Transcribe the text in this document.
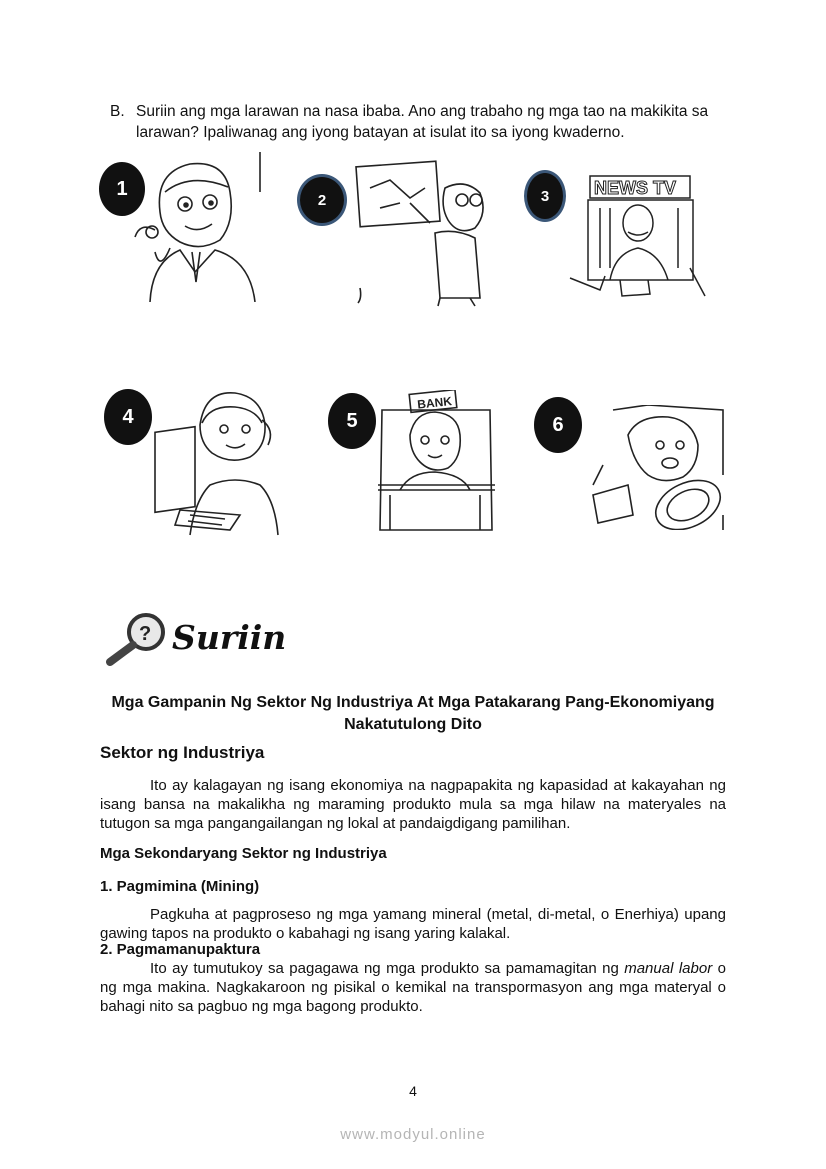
B. Suriin ang mga larawan na nasa ibaba. Ano ang trabaho ng mga tao na makikita sa larawan? Ipaliwanag ang iyong batayan at isulat ito sa iyong kwaderno.
1
2
NEWS TV
3
4
BANK
5	6
? Suriin
Mga Gampanin Ng Sektor Ng Industriya At Mga Patakarang Pang-Ekonomiyang Nakatutulong Dito
Sektor ng Industriya
Ito ay kalagayan ng isang ekonomiya na nagpapakita ng kapasidad at kakayahan ng isang bansa na makalikha ng maraming produkto mula sa mga hilaw na materyales na tutugon sa mga pangangailangan ng lokal at pandaigdigang pamilihan.
Mga Sekondaryang Sektor ng Industriya
1. Pagmimina (Mining)
Pagkuha at pagproseso ng mga yamang mineral (metal, di-metal, o Enerhiya) upang gawing tapos na produkto o kabahagi ng isang yaring kalakal.
2. Pagmamanupaktura
Ito ay tumutukoy sa pagagawa ng mga produkto sa pamamagitan ng manual labor o ng mga makina. Nagkakaroon ng pisikal o kemikal na transpormasyon ang mga materyal o bahagi nito sa pagbuo ng mga bagong produkto.
4
www.modyul.online
